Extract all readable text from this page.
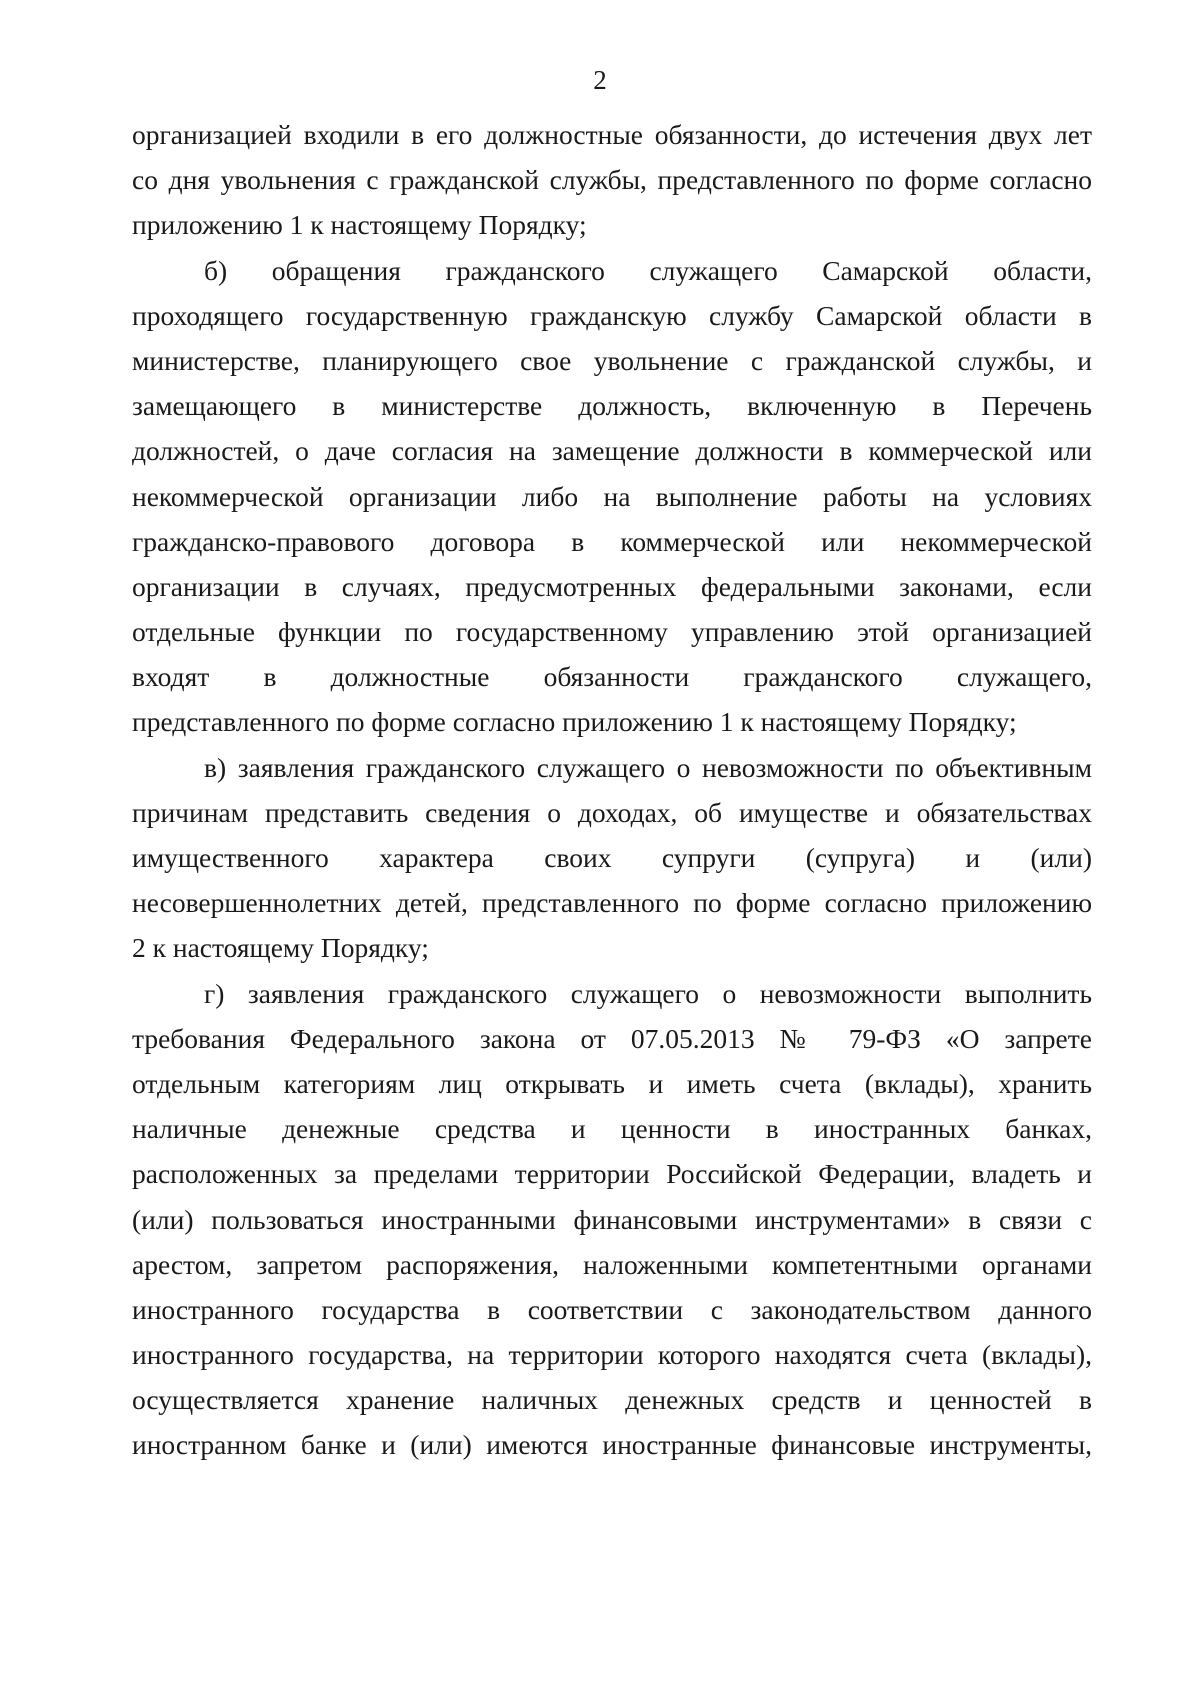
2
организацией входили в его должностные обязанности, до истечения двух лет
со дня увольнения с гражданской службы, представленного по форме согласно
приложению 1 к настоящему Порядку;
б) обращения гражданского служащего Самарской области,
проходящего государственную гражданскую службу Самарской области в
министерстве, планирующего свое увольнение с гражданской службы, и
замещающего в министерстве должность, включенную в Перечень
должностей, о даче согласия на замещение должности в коммерческой или
некоммерческой организации либо на выполнение работы на условиях
гражданско-правового договора в коммерческой или некоммерческой
организации в случаях, предусмотренных федеральными законами, если
отдельные функции по государственному управлению этой организацией
входят в должностные обязанности гражданского служащего,
представленного по форме согласно приложению 1 к настоящему Порядку;
в) заявления гражданского служащего о невозможности по объективным
причинам представить сведения о доходах, об имуществе и обязательствах
имущественного характера своих супруги (супруга) и (или)
несовершеннолетних детей, представленного по форме согласно приложению
2 к настоящему Порядку;
г) заявления гражданского служащего о невозможности выполнить
требования Федерального закона от 07.05.2013 № 79-ФЗ «О запрете
отдельным категориям лиц открывать и иметь счета (вклады), хранить
наличные денежные средства и ценности в иностранных банках,
расположенных за пределами территории Российской Федерации, владеть и
(или) пользоваться иностранными финансовыми инструментами» в связи с
арестом, запретом распоряжения, наложенными компетентными органами
иностранного государства в соответствии с законодательством данного
иностранного государства, на территории которого находятся счета (вклады),
осуществляется хранение наличных денежных средств и ценностей в
иностранном банке и (или) имеются иностранные финансовые инструменты,
